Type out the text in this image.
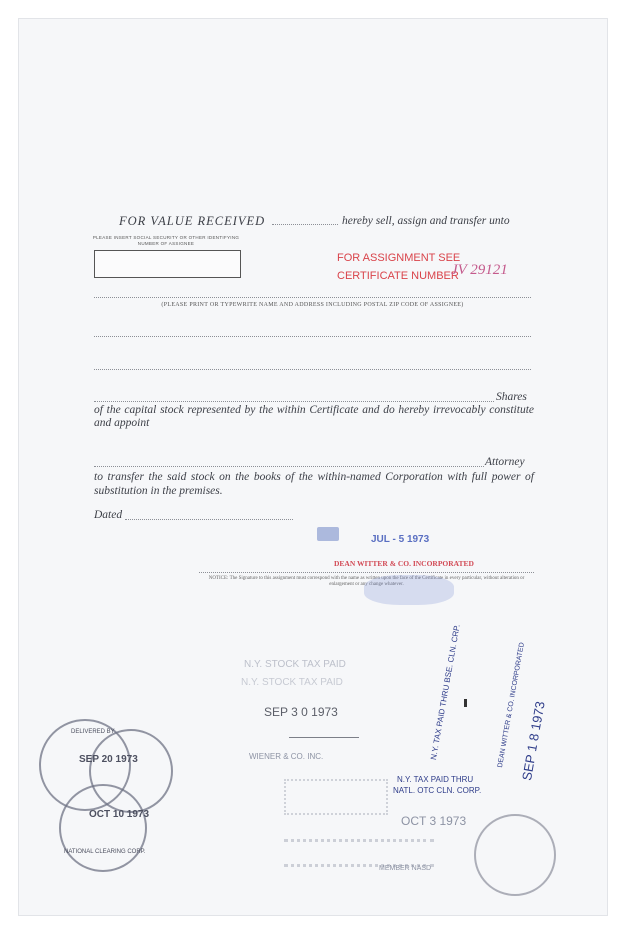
FOR VALUE RECEIVED	hereby sell, assign and transfer unto
PLEASE INSERT SOCIAL SECURITY OR OTHER IDENTIFYING NUMBER OF ASSIGNEE
FOR ASSIGNMENT SEE
CERTIFICATE NUMBER
JV 29121
(PLEASE PRINT OR TYPEWRITE NAME AND ADDRESS INCLUDING POSTAL ZIP CODE OF ASSIGNEE)
Shares
of the capital stock represented by the within Certificate and do hereby irrevocably constitute and appoint
Attorney
to transfer the said stock on the books of the within-named Corporation with full power of substitution in the premises.
Dated
JUL - 5 1973
DEAN WITTER & CO. INCORPORATED
NOTICE: The Signature to this assignment must correspond with the name as written upon the face of the Certificate in every particular, without alteration or enlargement or any change whatever.
N.Y. STOCK TAX PAID
N.Y. STOCK TAX PAID
SEP 3 0 1973
WIENER & CO. INC.
N.Y. TAX PAID THRU
NATL. OTC CLN. CORP.
OCT 3 1973
MEMBER NASD
N.Y. TAX PAID THRU BSE. CLN. CRP.	SEP 1 8 1973
DEAN WITTER & CO. INCORPORATED
SEP 20 1973
OCT 10 1973
DELIVERED BY
NATIONAL CLEARING CORP.
